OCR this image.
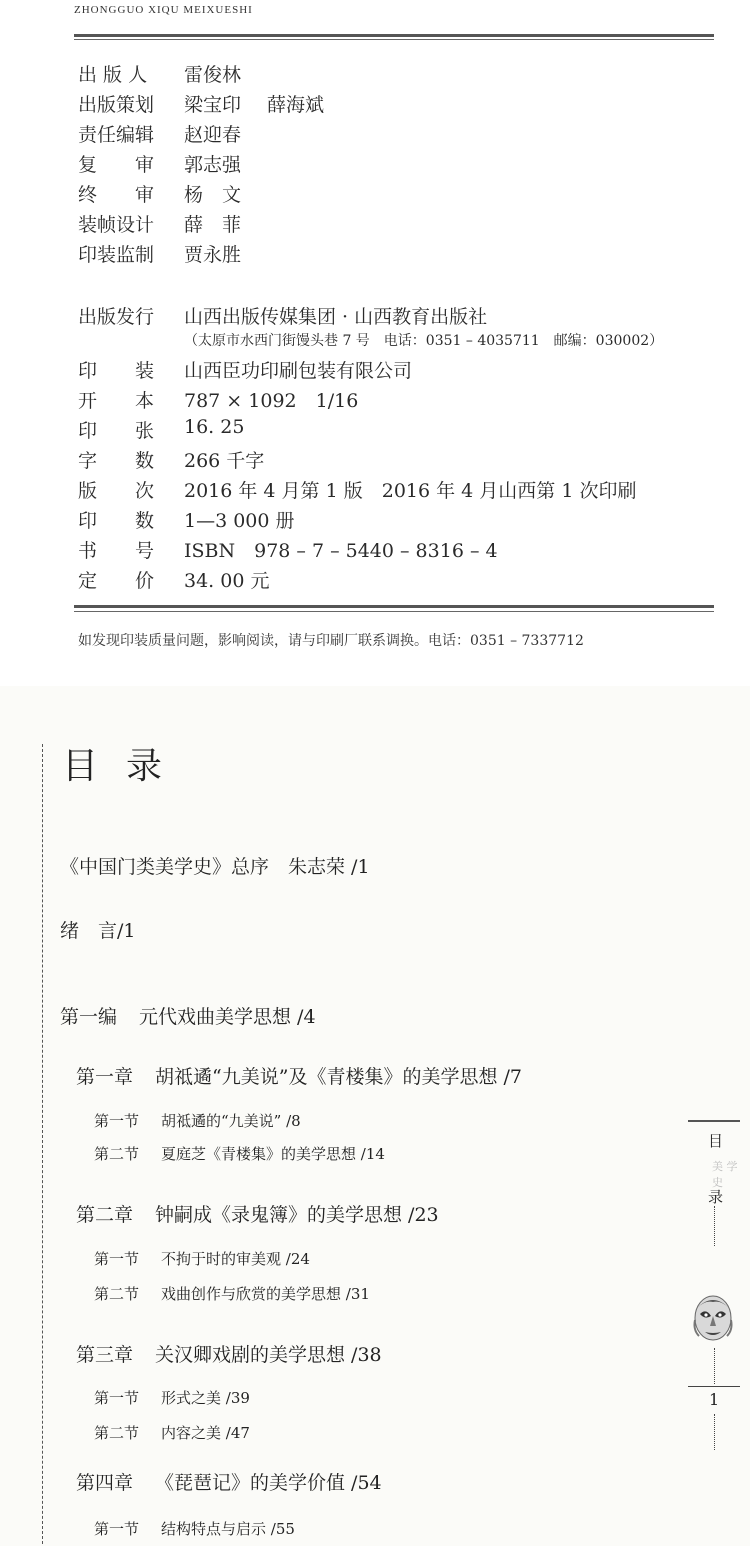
ZHONGGUO XIQU MEIXUESHI
出 版 人 雷俊林
出版策划 梁宝印 薛海斌
责任编辑 赵迎春
复　　审 郭志强
终　　审 杨　文
装帧设计 薛　菲
印装监制 贾永胜
出版发行 山西出版传媒集团 · 山西教育出版社
（太原市水西门街馒头巷 7 号　电话：0351 – 4035711　邮编：030002）
印　　装 山西臣功印刷包装有限公司
开　　本 787 × 1092　1/16
印　　张 16. 25
字　　数 266 千字
版　　次 2016 年 4 月第 1 版　2016 年 4 月山西第 1 次印刷
印　　数 1—3 000 册
书　　号 ISBN　978 – 7 – 5440 – 8316 – 4
定　　价 34. 00 元
如发现印装质量问题，影响阅读，请与印刷厂联系调换。电话：0351 – 7337712
目录
《中国门类美学史》总序　朱志荣 /1
绪　言/1
第一编 元代戏曲美学思想 /4
第一章 胡祗遹“九美说”及《青楼集》的美学思想 /7
第一节 胡祗遹的“九美说” /8
第二节 夏庭芝《青楼集》的美学思想 /14
第二章 钟嗣成《录鬼簿》的美学思想 /23
第一节 不拘于时的审美观 /24
第二节 戏曲创作与欣赏的美学思想 /31
第三章 关汉卿戏剧的美学思想 /38
第一节 形式之美 /39
第二节 内容之美 /47
第四章 《琵琶记》的美学价值 /54
第一节 结构特点与启示 /55
目
美 学 史
录
1
